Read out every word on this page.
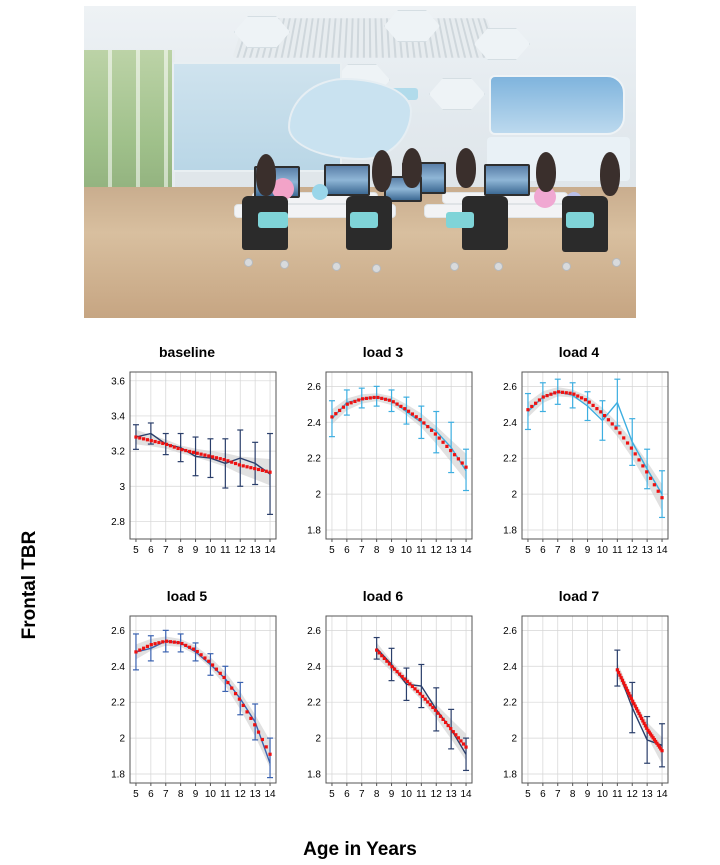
Frontal TBR
Age in Years
baseline
2.8
3
3.2
3.4
3.6
5 6 7 8 9 10 11 12 13 14
load 3
1.8
2
2.2
2.4
2.6
5 6 7 8 9 10 11 12 13 14
load 4
1.8
2
2.2
2.4
2.6
5 6 7 8 9 10 11 12 13 14
load 5
1.8
2
2.2
2.4
2.6
5 6 7 8 9 10 11 12 13 14
load 6
1.8
2
2.2
2.4
2.6
5 6 7 8 9 10 11 12 13 14
load 7
1.8
2
2.2
2.4
2.6
5 6 7 8 9 10 11 12 13 14
